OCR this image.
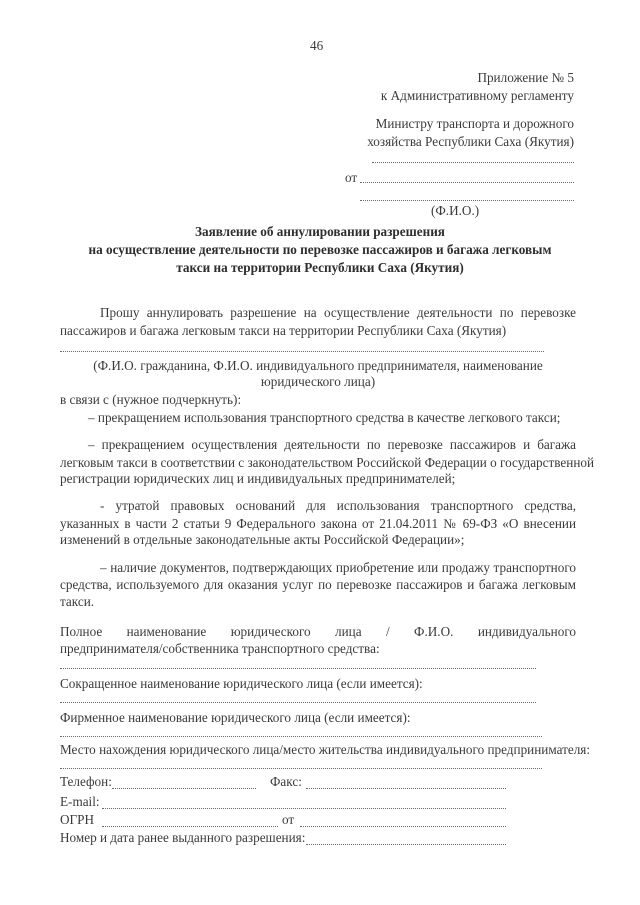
46
Приложение № 5
к Административному регламенту
Министру транспорта и дорожного
хозяйства Республики Саха (Якутия)
от
(Ф.И.О.)
Заявление об аннулировании разрешения
на осуществление деятельности по перевозке пассажиров и багажа легковым
такси на территории Республики Саха (Якутия)
Прошу аннулировать разрешение на осуществление деятельности по перевозке
пассажиров и багажа легковым такси на территории Республики Саха (Якутия)
(Ф.И.О. гражданина, Ф.И.О. индивидуального предпринимателя, наименование
юридического лица)
в связи с (нужное подчеркнуть):
– прекращением использования транспортного средства в качестве легкового такси;
– прекращением осуществления деятельности по перевозке пассажиров и багажа
легковым такси в соответствии с законодательством Российской Федерации о государственной
регистрации юридических лиц и индивидуальных предпринимателей;
- утратой правовых оснований для использования транспортного средства,
указанных в части 2 статьи 9 Федерального закона от 21.04.2011 № 69-ФЗ «О внесении
изменений в отдельные законодательные акты Российской Федерации»;
– наличие документов, подтверждающих приобретение или продажу транспортного
средства, используемого для оказания услуг по перевозке пассажиров и багажа легковым
такси.
Полное наименование юридического лица / Ф.И.О. индивидуального
предпринимателя/собственника транспортного средства:
Сокращенное наименование юридического лица (если имеется):
Фирменное наименование юридического лица (если имеется):
Место нахождения юридического лица/место жительства индивидуального предпринимателя:
Телефон:	Факс:
E-mail:
ОГРН	от
Номер и дата ранее выданного разрешения:
